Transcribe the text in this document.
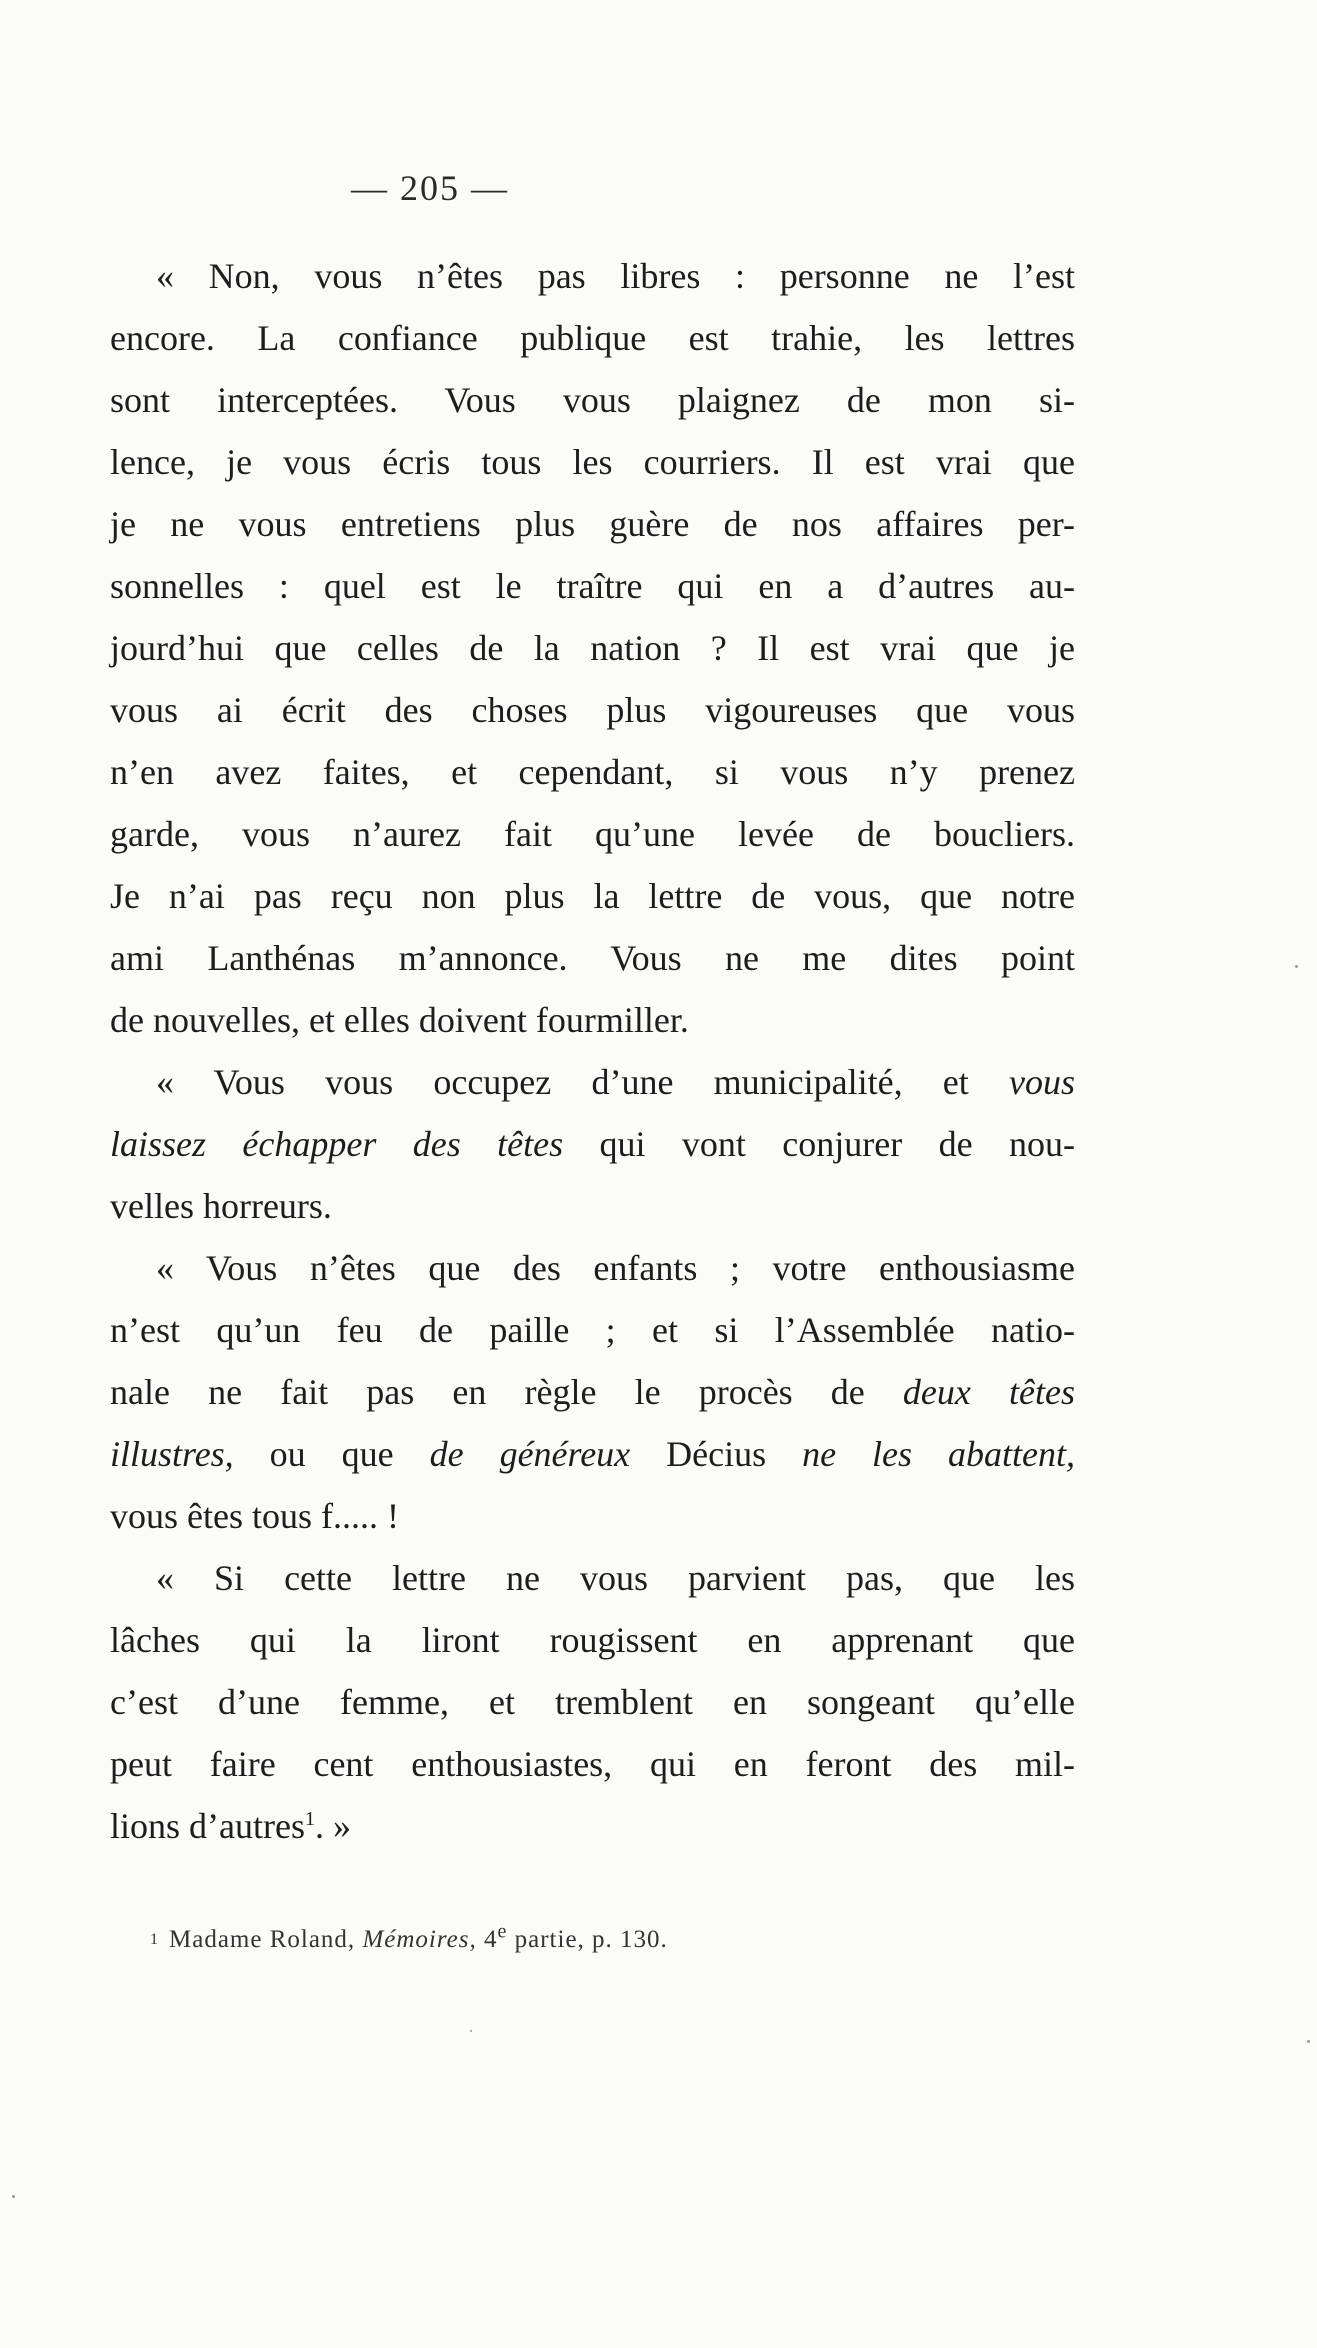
— 205 —
« Non, vous n’êtes pas libres : personne ne l’est
encore. La confiance publique est trahie, les lettres
sont interceptées. Vous vous plaignez de mon si-
lence, je vous écris tous les courriers. Il est vrai que
je ne vous entretiens plus guère de nos affaires per-
sonnelles : quel est le traître qui en a d’autres au-
jourd’hui que celles de la nation ? Il est vrai que je
vous ai écrit des choses plus vigoureuses que vous
n’en avez faites, et cependant, si vous n’y prenez
garde, vous n’aurez fait qu’une levée de boucliers.
Je n’ai pas reçu non plus la lettre de vous, que notre
ami Lanthénas m’annonce. Vous ne me dites point
de nouvelles, et elles doivent fourmiller.
« Vous vous occupez d’une municipalité, et vous
laissez échapper des têtes qui vont conjurer de nou-
velles horreurs.
« Vous n’êtes que des enfants ; votre enthousiasme
n’est qu’un feu de paille ; et si l’Assemblée natio-
nale ne fait pas en règle le procès de deux têtes
illustres, ou que de généreux Décius ne les abattent,
vous êtes tous f..... !
« Si cette lettre ne vous parvient pas, que les
lâches qui la liront rougissent en apprenant que
c’est d’une femme, et tremblent en songeant qu’elle
peut faire cent enthousiastes, qui en feront des mil-
lions d’autres$^1$. »
$^1$ Madame Roland, Mémoires, 4e partie, p. 130.
